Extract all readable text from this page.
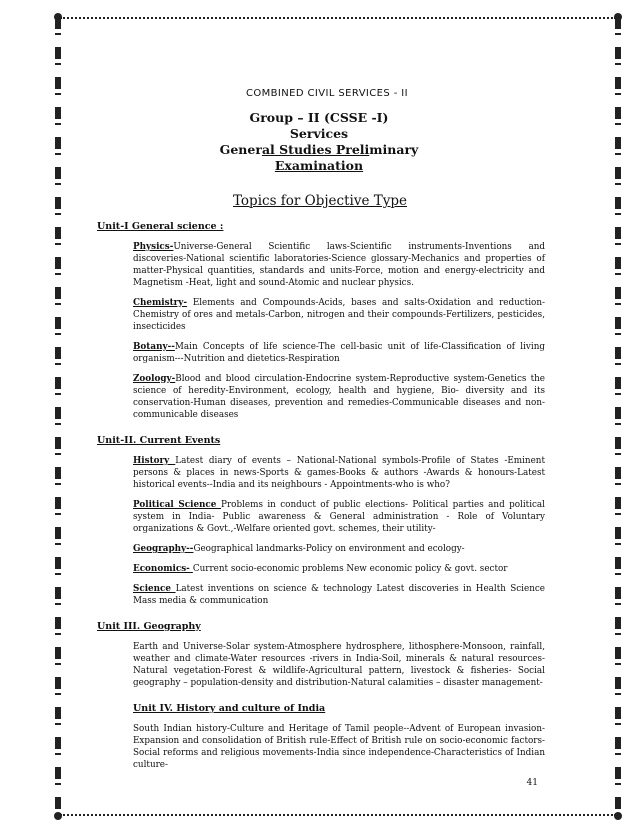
COMBINED CIVIL SERVICES - II
Group – II (CSSE -I) Services
General Studies Preliminary
Examination
Topics for Objective Type
Unit-I General science :
Physics-Universe-General Scientific laws-Scientific instruments-Inventions and discoveries-National scientific laboratories-Science glossary-Mechanics and properties of matter-Physical quantities, standards and units-Force, motion and energy-electricity and Magnetism -Heat, light and sound-Atomic and nuclear physics.
Chemistry- Elements and Compounds-Acids, bases and salts-Oxidation and reduction-Chemistry of ores and metals-Carbon, nitrogen and their compounds-Fertilizers, pesticides, insecticides
Botany--Main Concepts of life science-The cell-basic unit of life-Classification of living organism---Nutrition and dietetics-Respiration
Zoology-Blood and blood circulation-Endocrine system-Reproductive system-Genetics the science of heredity-Environment, ecology, health and hygiene, Bio- diversity and its conservation-Human diseases, prevention and remedies-Communicable diseases and non-communicable diseases
Unit-II. Current Events
History Latest diary of events – National-National symbols-Profile of States -Eminent persons & places in news-Sports & games-Books & authors -Awards & honours-Latest historical events--India and its neighbours - Appointments-who is who?
Political Science Problems in conduct of public elections- Political parties and political system in India- Public awareness & General administration - Role of Voluntary organizations & Govt.,-Welfare oriented govt. schemes, their utility-
Geography--Geographical landmarks-Policy on environment and ecology-
Economics- Current socio-economic problems New economic policy & govt. sector
Science Latest inventions on science & technology Latest discoveries in Health Science Mass media & communication
Unit III. Geography
Earth and Universe-Solar system-Atmosphere hydrosphere, lithosphere-Monsoon, rainfall, weather and climate-Water resources -rivers in India-Soil, minerals & natural resources-Natural vegetation-Forest & wildlife-Agricultural pattern, livestock & fisheries- Social geography – population-density and distribution-Natural calamities – disaster management-
Unit IV. History and culture of India
South Indian history-Culture and Heritage of Tamil people--Advent of European invasion-Expansion and consolidation of British rule-Effect of British rule on socio-economic factors-Social reforms and religious movements-India since independence-Characteristics of Indian culture-
41
